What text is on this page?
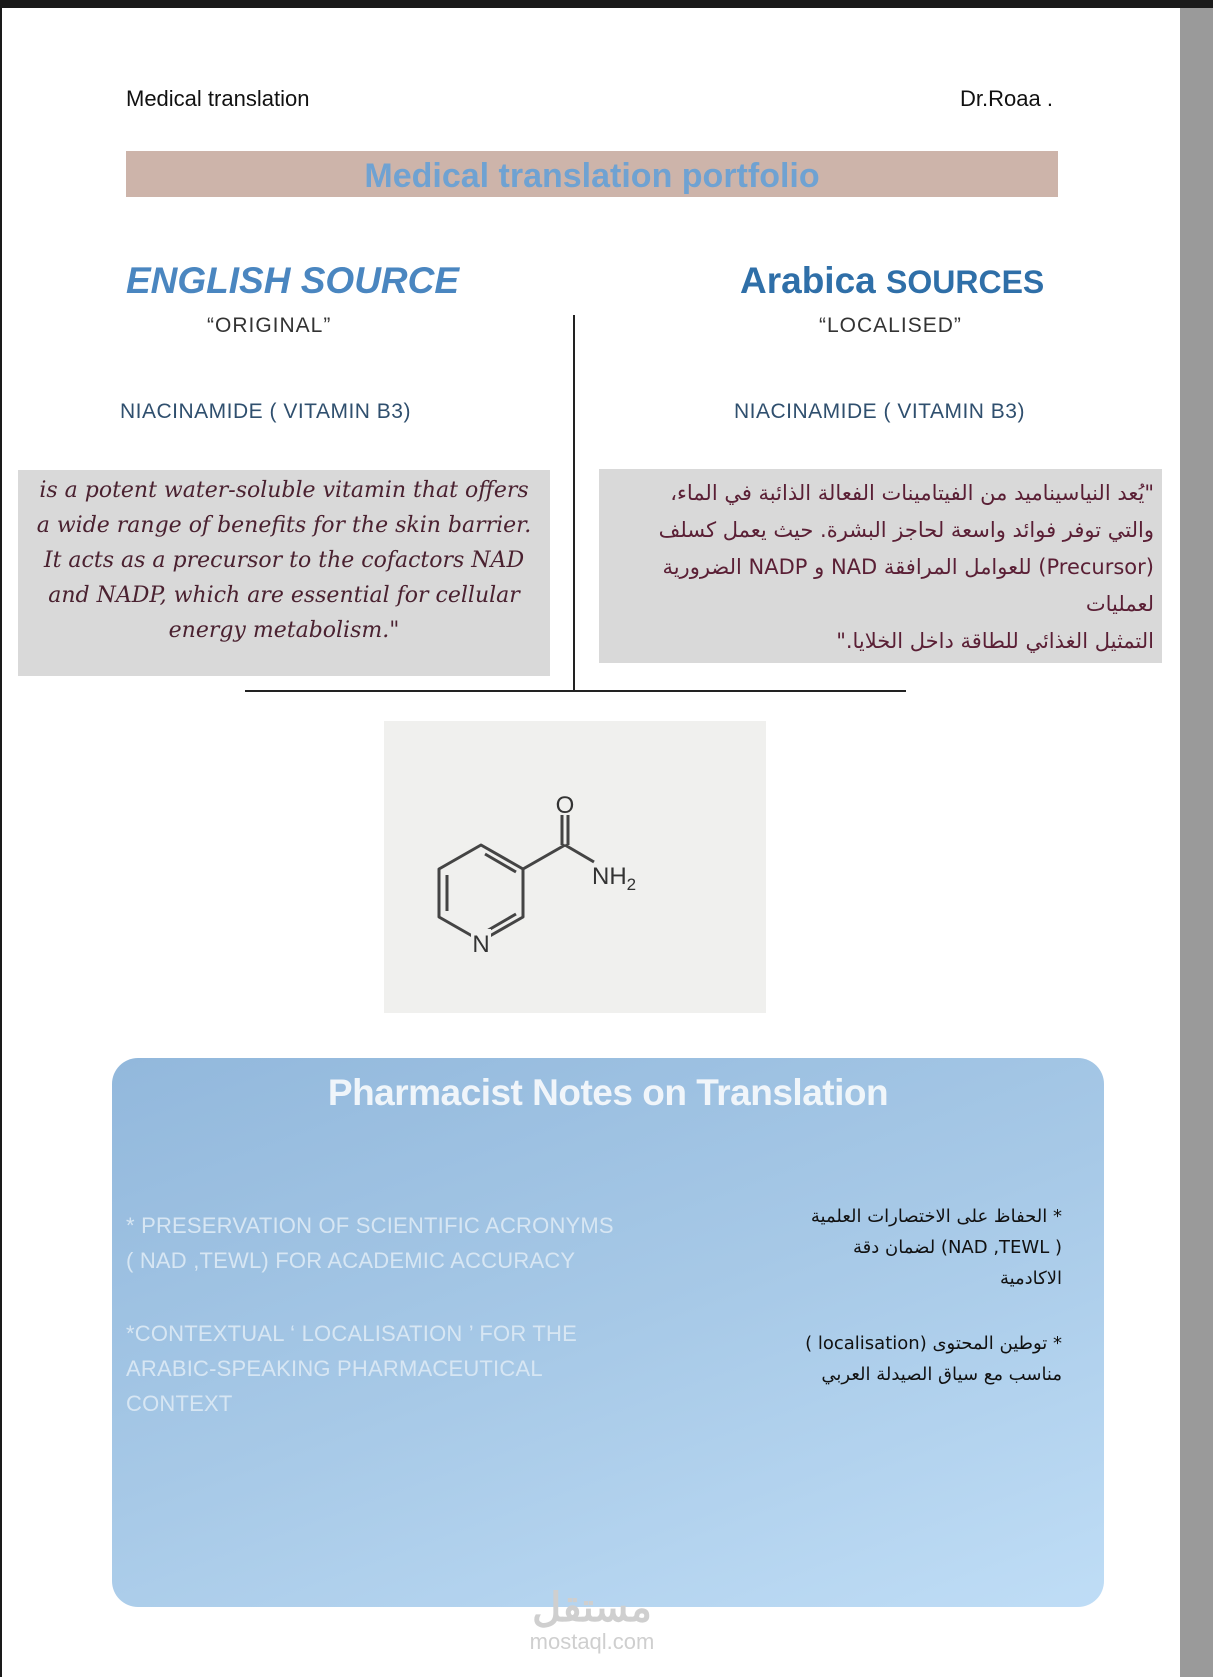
Medical translation	Dr.Roaa .
Medical translation portfolio
ENGLISH SOURCE	Arabica SOURCES
“ORIGINAL”	“LOCALISED”
NIACINAMIDE ( VITAMIN B3)	NIACINAMIDE ( VITAMIN B3)

is a potent water-soluble vitamin that offers
a wide range of benefits for the skin barrier.
It acts as a precursor to the cofactors NAD
and NADP, which are essential for cellular
energy metabolism."

"يُعد النياسيناميد من الفيتامينات الفعالة الذائبة في الماء،
والتي توفر فوائد واسعة لحاجز البشرة. حيث يعمل كسلف
(Precursor) للعوامل المرافقة NAD و NADP الضرورية لعمليات
التمثيل الغذائي للطاقة داخل الخلايا."

N
O
$NH_2$
Pharmacist Notes on Translation
* PRESERVATION OF SCIENTIFIC ACRONYMS
( NAD ,TEWL) FOR ACADEMIC ACCURACY
*CONTEXTUAL ‘ LOCALISATION ’ FOR THE
ARABIC-SPEAKING PHARMACEUTICAL
CONTEXT
* الحفاظ على الاختصارات العلمية
( NAD ,TEWL) لضمان دقة
الاكادمية
* توطين المحتوى (localisation )
مناسب مع سياق الصيدلة العربي
مستقل
mostaql.com
